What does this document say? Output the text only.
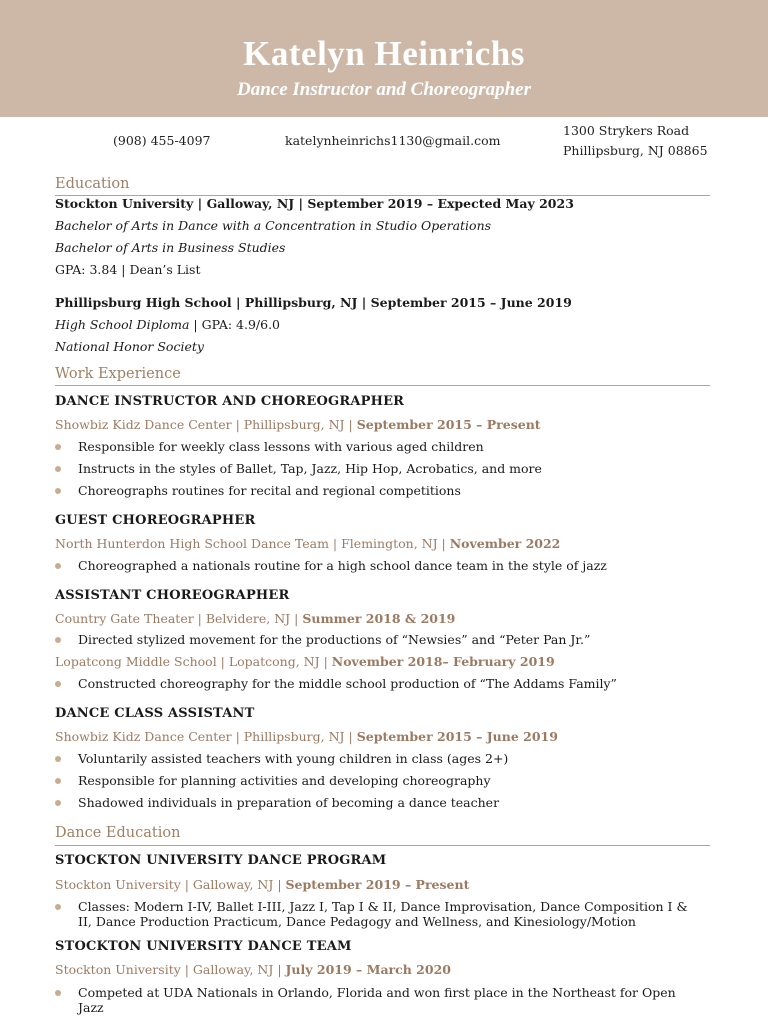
Katelyn Heinrichs
Dance Instructor and Choreographer
(908) 455-4097	katelynheinrichs1130@gmail.com
1300 Strykers Road
Phillipsburg, NJ 08865
Education
Stockton University | Galloway, NJ | September 2019 – Expected May 2023
Bachelor of Arts in Dance with a Concentration in Studio Operations
Bachelor of Arts in Business Studies
GPA: 3.84 | Dean’s List
Phillipsburg High School | Phillipsburg, NJ | September 2015 – June 2019
High School Diploma | GPA: 4.9/6.0
National Honor Society
Work Experience
DANCE INSTRUCTOR AND CHOREOGRAPHER
Showbiz Kidz Dance Center | Phillipsburg, NJ | September 2015 – Present
Responsible for weekly class lessons with various aged children
Instructs in the styles of Ballet, Tap, Jazz, Hip Hop, Acrobatics, and more
Choreographs routines for recital and regional competitions
GUEST CHOREOGRAPHER
North Hunterdon High School Dance Team | Flemington, NJ | November 2022
Choreographed a nationals routine for a high school dance team in the style of jazz
ASSISTANT CHOREOGRAPHER
Country Gate Theater | Belvidere, NJ | Summer 2018 & 2019
Directed stylized movement for the productions of “Newsies” and “Peter Pan Jr.”
Lopatcong Middle School | Lopatcong, NJ | November 2018– February 2019
Constructed choreography for the middle school production of “The Addams Family”
DANCE CLASS ASSISTANT
Showbiz Kidz Dance Center | Phillipsburg, NJ | September 2015 – June 2019
Voluntarily assisted teachers with young children in class (ages 2+)
Responsible for planning activities and developing choreography
Shadowed individuals in preparation of becoming a dance teacher
Dance Education
STOCKTON UNIVERSITY DANCE PROGRAM
Stockton University | Galloway, NJ | September 2019 – Present
Classes: Modern I-IV, Ballet I-III, Jazz I, Tap I & II, Dance Improvisation, Dance Composition I & II, Dance Production Practicum, Dance Pedagogy and Wellness, and Kinesiology/Motion
STOCKTON UNIVERSITY DANCE TEAM
Stockton University | Galloway, NJ | July 2019 – March 2020
Competed at UDA Nationals in Orlando, Florida and won first place in the Northeast for Open Jazz
